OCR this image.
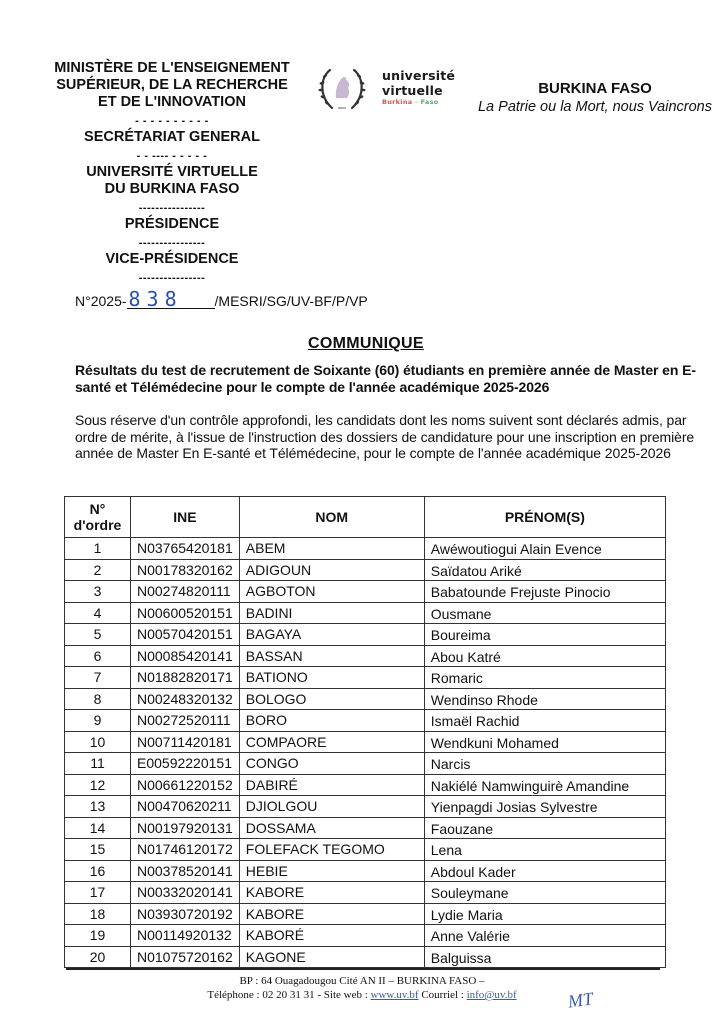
MINISTÈRE DE L'ENSEIGNEMENT
SUPÉRIEUR, DE LA RECHERCHE
ET DE L'INNOVATION
- - - - - - - - - -
SECRÉTARIAT GENERAL
- - ---- - - - - -
UNIVERSITÉ VIRTUELLE
DU BURKINA FASO
----------------
PRÉSIDENCE
----------------
VICE-PRÉSIDENCE
----------------
université
virtuelle
Burkina - Faso
BURKINA FASO
La Patrie ou la Mort, nous Vaincrons
N°2025- 838 /MESRI/SG/UV-BF/P/VP
COMMUNIQUE
Résultats du test de recrutement de Soixante (60) étudiants en première année de Master en E-santé et Télémédecine pour le compte de l'année académique 2025-2026
Sous réserve d'un contrôle approfondi, les candidats dont les noms suivent sont déclarés admis, par ordre de mérite, à l'issue de l'instruction des dossiers de candidature pour une inscription en première année de Master En E-santé et Télémédecine, pour le compte de l'année académique 2025-2026
N°
d'ordre	INE	NOM	PRÉNOM(S)
1	N03765420181	ABEM	Awéwoutiogui Alain Evence
2	N00178320162	ADIGOUN	Saïdatou Ariké
3	N00274820111	AGBOTON	Babatounde Frejuste Pinocio
4	N00600520151	BADINI	Ousmane
5	N00570420151	BAGAYA	Boureima
6	N00085420141	BASSAN	Abou Katré
7	N01882820171	BATIONO	Romaric
8	N00248320132	BOLOGO	Wendinso Rhode
9	N00272520111	BORO	Ismaël Rachid
10	N00711420181	COMPAORE	Wendkuni Mohamed
11	E00592220151	CONGO	Narcis
12	N00661220152	DABIRÉ	Nakiélé Namwinguirè Amandine
13	N00470620211	DJIOLGOU	Yienpagdi Josias Sylvestre
14	N00197920131	DOSSAMA	Faouzane
15	N01746120172	FOLEFACK TEGOMO	Lena
16	N00378520141	HEBIE	Abdoul Kader
17	N00332020141	KABORE	Souleymane
18	N03930720192	KABORE	Lydie Maria
19	N00114920132	KABORÉ	Anne Valérie
20	N01075720162	KAGONE	Balguissa
BP : 64 Ouagadougou Cité AN II – BURKINA FASO –
Téléphone : 02 20 31 31 - Site web : www.uv.bf Courriel : info@uv.bf	MT
